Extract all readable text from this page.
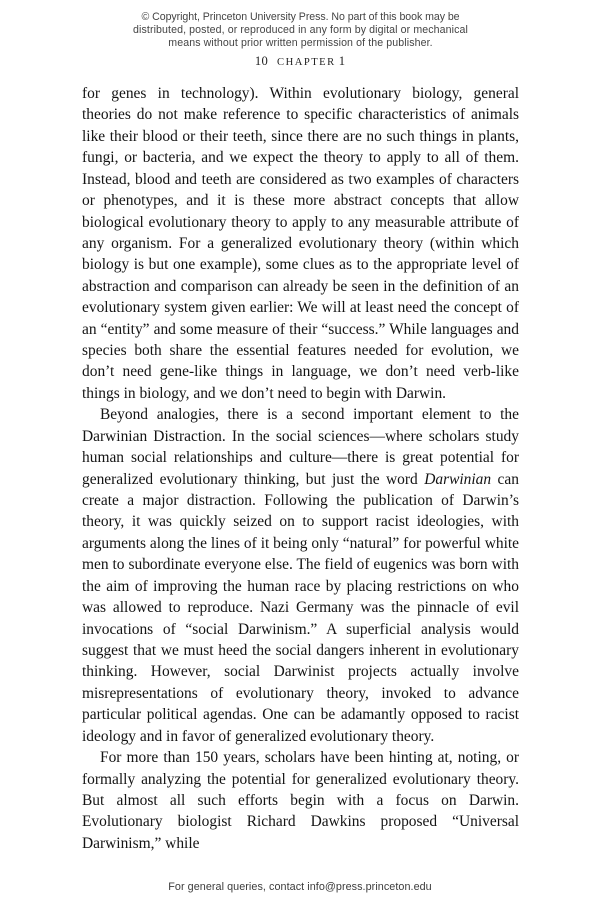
© Copyright, Princeton University Press. No part of this book may be
distributed, posted, or reproduced in any form by digital or mechanical
means without prior written permission of the publisher.
10 CHAPTER 1

for genes in technology). Within evolutionary biology, general theories do not make reference to specific characteristics of animals like their blood or their teeth, since there are no such things in plants, fungi, or bacteria, and we expect the theory to apply to all of them. Instead, blood and teeth are considered as two examples of characters or phenotypes, and it is these more abstract concepts that allow biological evolutionary theory to apply to any measurable attribute of any organism. For a generalized evolutionary theory (within which biology is but one example), some clues as to the appropriate level of abstraction and comparison can already be seen in the definition of an evolutionary system given earlier: We will at least need the concept of an “entity” and some measure of their “success.” While languages and species both share the essential features needed for evolution, we don’t need gene-like things in language, we don’t need verb-like things in biology, and we don’t need to begin with Darwin.

Beyond analogies, there is a second important element to the Darwinian Distraction. In the social sciences—where scholars study human social relationships and culture—there is great potential for generalized evolutionary thinking, but just the word Darwinian can create a major distraction. Following the publication of Darwin’s theory, it was quickly seized on to support racist ideologies, with arguments along the lines of it being only “natural” for powerful white men to subordinate everyone else. The field of eugenics was born with the aim of improving the human race by placing restrictions on who was allowed to reproduce. Nazi Germany was the pinnacle of evil invocations of “social Darwinism.” A superficial analysis would suggest that we must heed the social dangers inherent in evolutionary thinking. However, social Darwinist projects actually involve misrepresentations of evolutionary theory, invoked to advance particular political agendas. One can be adamantly opposed to racist ideology and in favor of generalized evolutionary theory.

For more than 150 years, scholars have been hinting at, noting, or formally analyzing the potential for generalized evolutionary theory. But almost all such efforts begin with a focus on Darwin. Evolutionary biologist Richard Dawkins proposed “Universal Darwinism,” while

For general queries, contact info@press.princeton.edu
